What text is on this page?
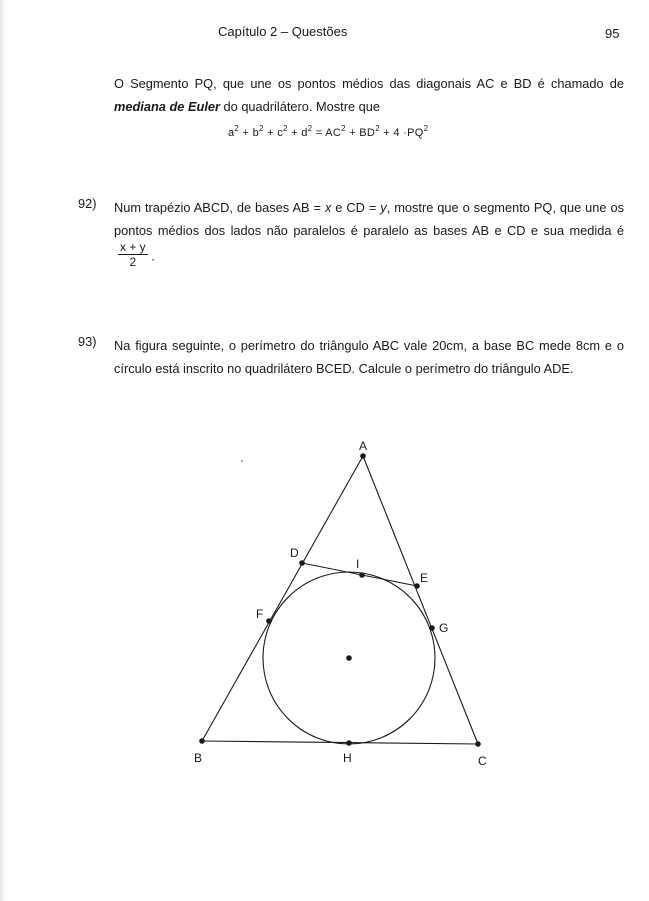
Capítulo 2 – Questões	95

O Segmento PQ, que une os pontos médios das diagonais AC e BD é chamado de mediana de Euler do quadrilátero. Mostre que

$a^2 + b^2 + c^2 + d^2 = AC^2 + BD^2 + 4 \cdot PQ^2$
92) Num trapézio ABCD, de bases AB = x e CD = y, mostre que o segmento PQ, que une os pontos médios dos lados não paralelos é paralelo as bases AB e CD e sua medida é
$\frac{x + y}{2}$ .

93) Na figura seguinte, o perímetro do triângulo ABC vale 20cm, a base BC mede 8cm e o círculo está inscrito no quadrilátero BCED. Calcule o perímetro do triângulo ADE.

A
B	C
D
E
F
G
H
I
